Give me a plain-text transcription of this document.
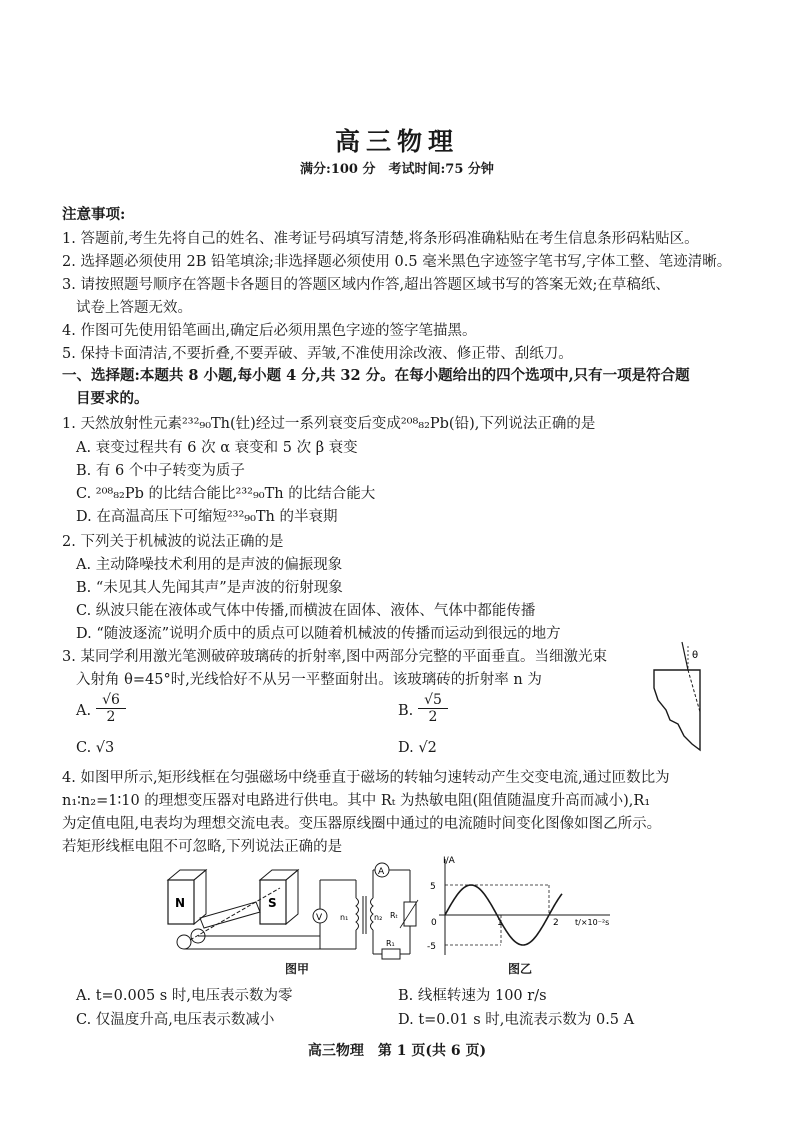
高三物理
满分:100 分　考试时间:75 分钟
注意事项:
1. 答题前,考生先将自己的姓名、准考证号码填写清楚,将条形码准确粘贴在考生信息条形码粘贴区。
2. 选择题必须使用 2B 铅笔填涂;非选择题必须使用 0.5 毫米黑色字迹签字笔书写,字体工整、笔迹清晰。
3. 请按照题号顺序在答题卡各题目的答题区域内作答,超出答题区域书写的答案无效;在草稿纸、
试卷上答题无效。
4. 作图可先使用铅笔画出,确定后必须用黑色字迹的签字笔描黑。
5. 保持卡面清洁,不要折叠,不要弄破、弄皱,不准使用涂改液、修正带、刮纸刀。
一、选择题:本题共 8 小题,每小题 4 分,共 32 分。在每小题给出的四个选项中,只有一项是符合题
目要求的。
1. 天然放射性元素²³²₉₀Th(钍)经过一系列衰变后变成²⁰⁸₈₂Pb(铅),下列说法正确的是
A. 衰变过程共有 6 次 α 衰变和 5 次 β 衰变
B. 有 6 个中子转变为质子
C. ²⁰⁸₈₂Pb 的比结合能比²³²₉₀Th 的比结合能大
D. 在高温高压下可缩短²³²₉₀Th 的半衰期
2. 下列关于机械波的说法正确的是
A. 主动降噪技术利用的是声波的偏振现象
B. “未见其人先闻其声”是声波的衍射现象
C. 纵波只能在液体或气体中传播,而横波在固体、液体、气体中都能传播
D. “随波逐流”说明介质中的质点可以随着机械波的传播而运动到很远的地方
3. 某同学利用激光笔测破碎玻璃砖的折射率,图中两部分完整的平面垂直。当细激光束
入射角 θ=45°时,光线恰好不从另一平整面射出。该玻璃砖的折射率 n 为
A. $\frac{√6}{2}$	B. $\frac{√5}{2}$
C. √3	D. √2
θ
4. 如图甲所示,矩形线框在匀强磁场中绕垂直于磁场的转轴匀速转动产生交变电流,通过匝数比为
n₁∶n₂=1∶10 的理想变压器对电路进行供电。其中 Rₜ 为热敏电阻(阻值随温度升高而减小),R₁
为定值电阻,电表均为理想交流电表。变压器原线圈中通过的电流随时间变化图像如图乙所示。
若矩形线框电阻不可忽略,下列说法正确的是
N	S
V n₁	n₂
A
Rₜ
R₁
图甲
I/A
t/×10⁻²s
5
-5
0	1	2
图乙
A. t=0.005 s 时,电压表示数为零	B. 线框转速为 100 r/s
C. 仅温度升高,电压表示数减小	D. t=0.01 s 时,电流表示数为 0.5 A
高三物理　第 1 页(共 6 页)
